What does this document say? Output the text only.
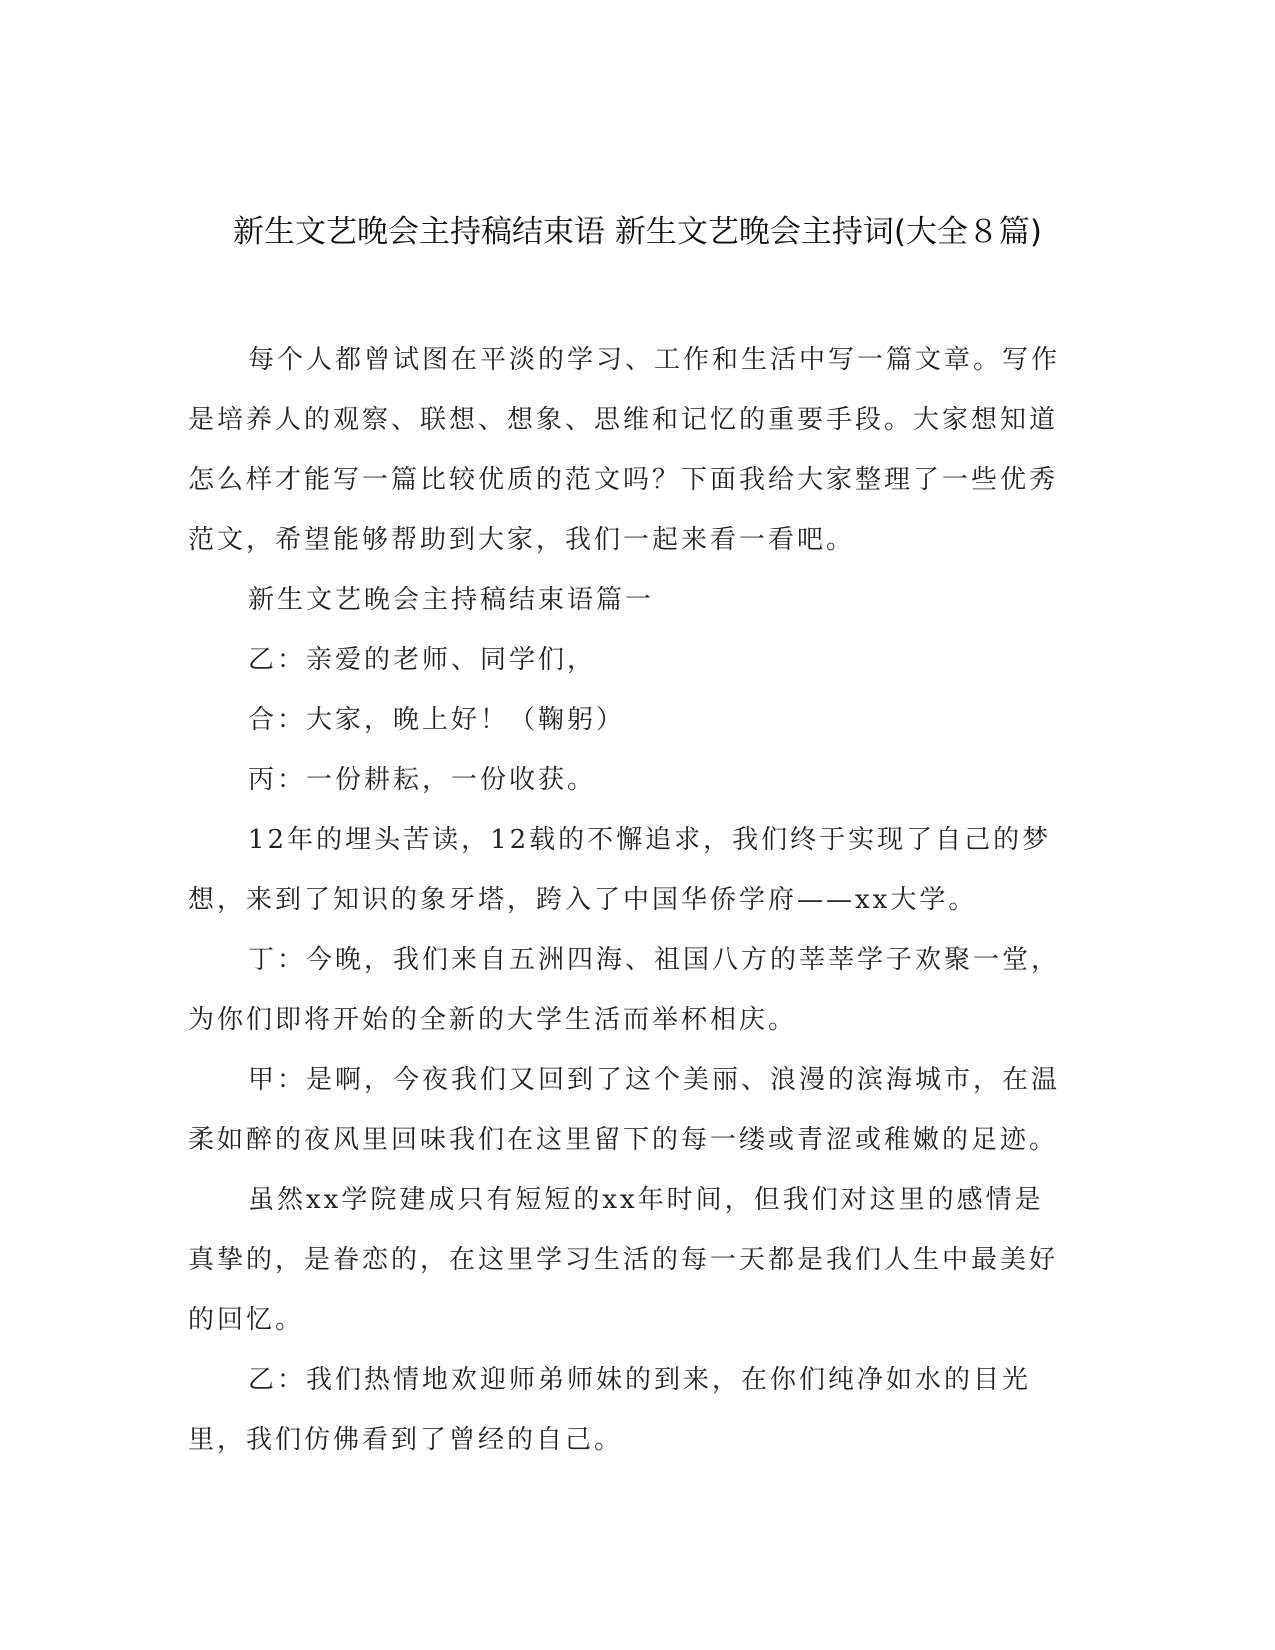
新生文艺晚会主持稿结束语 新生文艺晚会主持词(大全８篇)

每个人都曾试图在平淡的学习、工作和生活中写一篇文章。写作是培养人的观察、联想、想象、思维和记忆的重要手段。大家想知道怎么样才能写一篇比较优质的范文吗？下面我给大家整理了一些优秀范文，希望能够帮助到大家，我们一起来看一看吧。

新生文艺晚会主持稿结束语篇一

乙：亲爱的老师、同学们，

合：大家，晚上好！（鞠躬）

丙：一份耕耘，一份收获。

12年的埋头苦读，12载的不懈追求，我们终于实现了自己的梦想，来到了知识的象牙塔，跨入了中国华侨学府——xx大学。

丁：今晚，我们来自五洲四海、祖国八方的莘莘学子欢聚一堂，为你们即将开始的全新的大学生活而举杯相庆。

甲：是啊，今夜我们又回到了这个美丽、浪漫的滨海城市，在温柔如醉的夜风里回味我们在这里留下的每一缕或青涩或稚嫩的足迹。

虽然xx学院建成只有短短的xx年时间，但我们对这里的感情是真挚的，是眷恋的，在这里学习生活的每一天都是我们人生中最美好的回忆。

乙：我们热情地欢迎师弟师妹的到来，在你们纯净如水的目光里，我们仿佛看到了曾经的自己。
